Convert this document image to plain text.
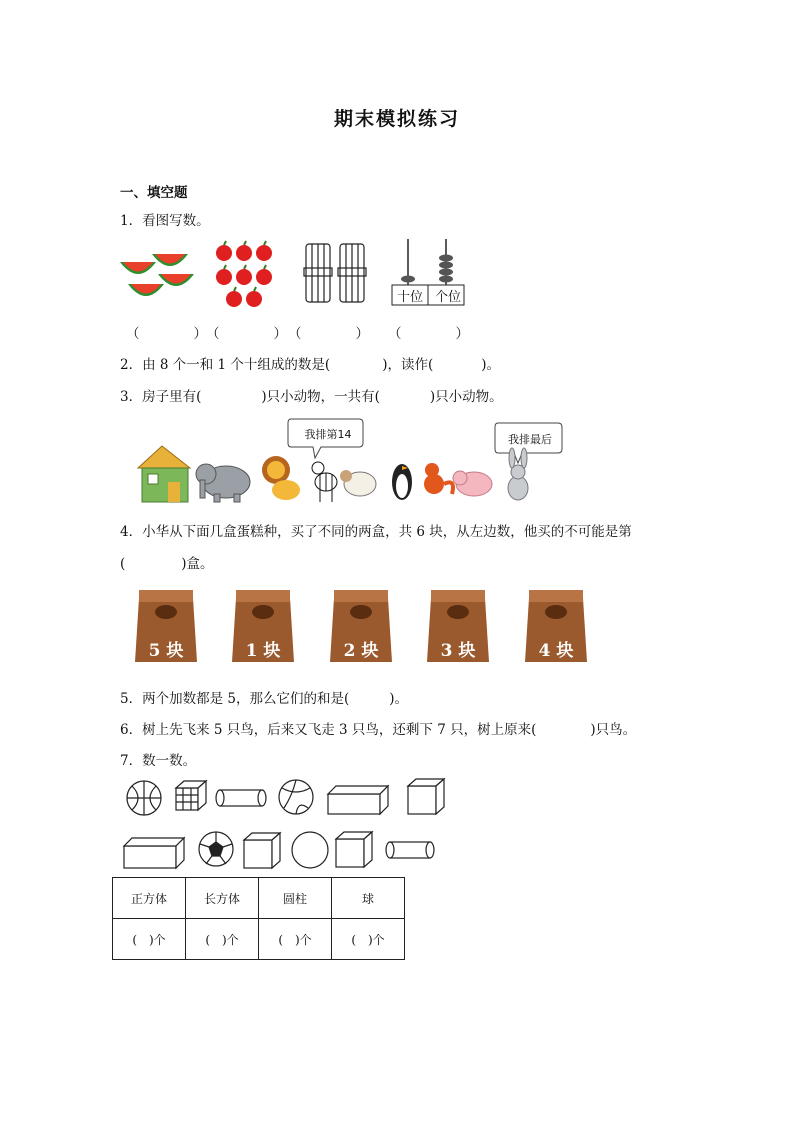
期末模拟练习
一、填空题
1．看图写数。
十位 个位
（　　　　） （　　　　） （　　　　） （　　　　）
2．由 8 个一和 1 个十组成的数是(	)，读作(	)。
3．房子里有(	)只小动物，一共有(	)只小动物。
我排第14	我排最后
4．小华从下面几盒蛋糕种，买了不同的两盒，共 6 块，从左边数，他买的不可能是第
(	)盒。
5 块	1 块	2 块	3 块	4 块
5．两个加数都是 5，那么它们的和是(	)。
6．树上先飞来 5 只鸟，后来又飞走 3 只鸟，还剩下 7 只，树上原来(	)只鸟。
7．数一数。
正方体	长方体	圆柱	球
(　)个	(　)个	(　)个	(　)个
